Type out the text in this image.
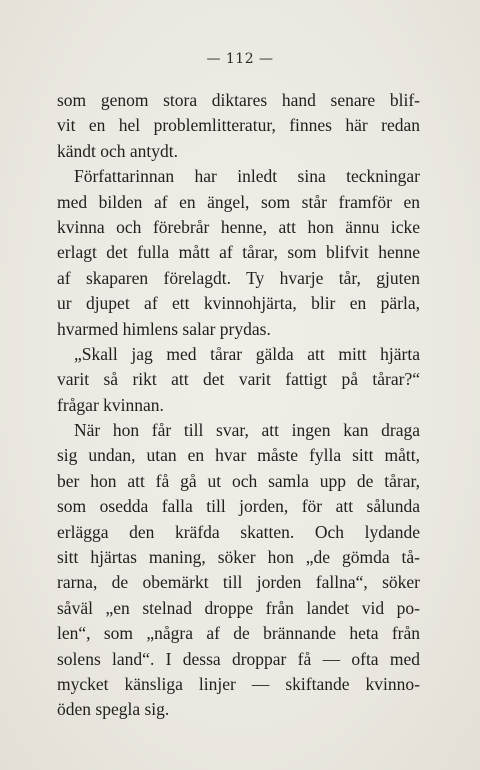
— 112 —
som genom stora diktares hand senare blif-
vit en hel problemlitteratur, finnes här redan
kändt och antydt.
Författarinnan har inledt sina teckningar
med bilden af en ängel, som står framför en
kvinna och förebrår henne, att hon ännu icke
erlagt det fulla mått af tårar, som blifvit henne
af skaparen förelagdt. Ty hvarje tår, gjuten
ur djupet af ett kvinnohjärta, blir en pärla,
hvarmed himlens salar prydas.
„Skall jag med tårar gälda att mitt hjärta
varit så rikt att det varit fattigt på tårar?“
frågar kvinnan.
När hon får till svar, att ingen kan draga
sig undan, utan en hvar måste fylla sitt mått,
ber hon att få gå ut och samla upp de tårar,
som osedda falla till jorden, för att sålunda
erlägga den kräfda skatten. Och lydande
sitt hjärtas maning, söker hon „de gömda tå-
rarna, de obemärkt till jorden fallna“, söker
såväl „en stelnad droppe från landet vid po-
len“, som „några af de brännande heta från
solens land“. I dessa droppar få — ofta med
mycket känsliga linjer — skiftande kvinno-
öden spegla sig.
